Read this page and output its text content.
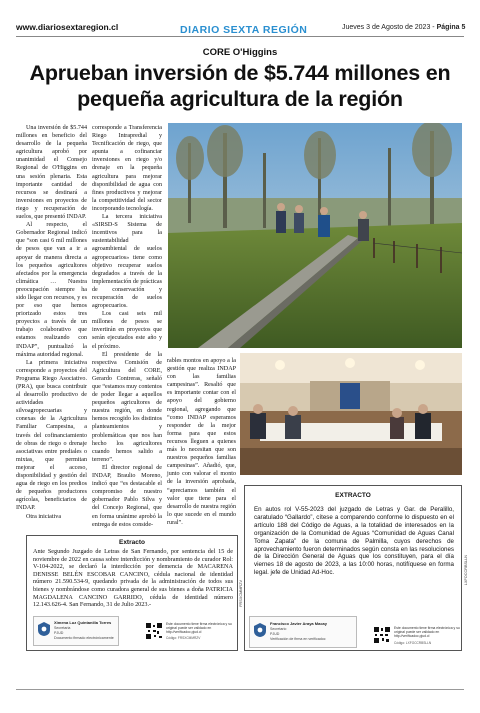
www.diariosextaregion.cl	DIARIO SEXTA REGIÓN	Jueves 3 de Agosto de 2023 - Página 5
CORE O'Higgins
Aprueban inversión de $5.744 millones en pequeña agricultura de la región

Una inversión de $5.744 millones en beneficio del desarrollo de la pequeña agricultura aprobó por unanimidad el Consejo Regional de O'Higgins en una sesión plenaria. Esta importante cantidad de recursos se destinará a inversiones en proyectos de riego y recuperación de suelos, que presentó INDAP.

Al respecto, el Gobernador Regional indicó que “son casi 6 mil millones de pesos que van a ir a apoyar de manera directa a los pequeños agricultores afectados por la emergencia climática … Nuestra preocupación siempre ha sido llegar con recursos, y es por eso que hemos priorizado estos tres proyectos a través de un trabajo colaborativo que estamos realizando con INDAP”, puntualizó la máxima autoridad regional.

La primera iniciativa corresponde a proyectos del Programa Riego Asociativo. (PRA), que busca contribuir al desarrollo productivo de actividades silvoagropecuarias y conexas de la Agricultura Familiar Campesina, a través del cofinanciamiento de obras de riego o drenaje asociativas entre prediales o mixtas, que permitan mejorar el acceso, disponibilidad y gestión del agua de riego en los predios de pequeños productores agrícolas, beneficiarios de INDAP.

Otra iniciativa

corresponde a Transferencia Riego Intrapredial y Tecnificación de riego, que apunta a cofinanciar inversiones en riego y/o drenaje en la pequeña agricultura para mejorar disponibilidad de agua con fines productivos y mejorar la competitividad del sector incorporando tecnología.

La tercera iniciativa «SIRSD-S Sistema de incentivos para la sustentabilidad agroambiental de suelos agropecuarios» tiene como objetivo recuperar suelos degradados a través de la implementación de prácticas de conservación y recuperación de suelos agropecuarios.

Los casi seis mil millones de pesos se invertirán en proyectos que serán ejecutados este año y el próximo.

El presidente de la respectiva Comisión de Agricultura del CORE, Gerardo Contreras, señaló que “estamos muy contentos de poder llegar a aquellos pequeños agricultores de nuestra región, en donde hemos recogido los distintos planteamientos y problemáticas que nos han hecho los agricultores cuando hemos salido a terreno”.

El director regional de INDAP, Braulio Moreno, indicó que “es destacable el compromiso de nuestro gobernador Pablo Silva y del Concejo Regional, que en forma unánime aprobó la entrega de estos conside-

rables montos en apoyo a la gestión que realiza INDAP con las familias campesinas”. Resaltó que es importante contar con el apoyo del gobierno regional, agregando que “como INDAP esperamos responder de la mejor forma para que estos recursos lleguen a quienes más lo necesitan que son nuestros pequeños familias campesinas”. Añadió, que, junto con valorar el monto de la inversión aprobada, “apreciamos también el valor que tiene para el desarrollo de nuestra región lo que sucede en el mundo rural”.

Extracto
Ante Segundo Juzgado de Letras de San Fernando, por sentencia del 15 de noviembre de 2022 en causa sobre interdicción y nombramiento de curador Rol: V-104-2022, se declaró la interdicción por demencia de MACARENA DENISSE BELÉN ESCOBAR CANCINO, cédula nacional de identidad número 21.590.534-9, quedando privada de la administración de todos sus bienes y nombrándose como curadora general de sus bienes a doña PATRICIA MAGDALENA CANCINO GARRIDO, cédula de identidad número 12.143.626-4. San Fernando, 31 de Julio 2023.-
Ximena Luz Quintanilla Torres
Secretaria
PJUD
Documento firmado electrónicamente
Este documento tiene firma electrónica y su original puede ser validado en http://verificadoc.pjud.cl
Código: FRSXCMMRZV
FRSXCMMRZV
EXTRACTO
En autos rol V-55-2023 del juzgado de Letras y Gar. de Peralillo, caratulado “Gallardo”, cítese a comparendo conforme lo dispuesto en el artículo 188 del Código de Aguas, a la totalidad de interesados en la organización de la Comunidad de Aguas “Comunidad de Aguas Canal Toma Zapata” de la comuna de Palmilla, cuyos derechos de aprovechamiento fueron determinados según consta en las resoluciones de la Dirección General de Aguas que los constituyen, para el día viernes 18 de agosto de 2023, a las 10:00 horas, notifíquese en forma legal. jefe de Unidad Ad-Hoc.
Francisco Javier Araya Macay
Secretario
PJUD
Verificación de firma en verificadoc
Este documento tiene firma electrónica y su original puede ser validado en http://verificadoc.pjud.cl
Código: LXFOCCRBSLLN
LXFOCCRBSLLN
